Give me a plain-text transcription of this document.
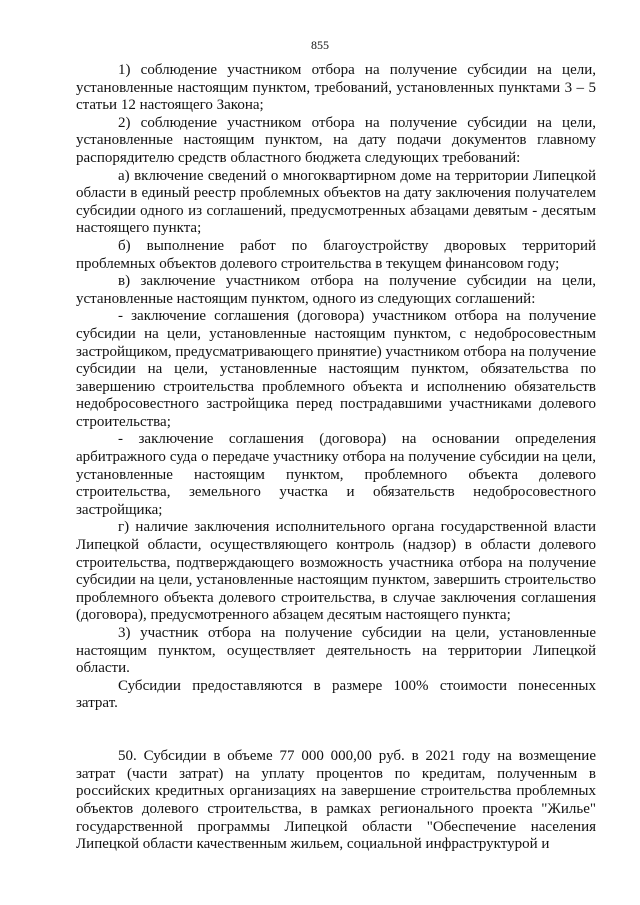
855

1) соблюдение участником отбора на получение субсидии на цели, установленные настоящим пунктом, требований, установленных пунктами 3 – 5 статьи 12 настоящего Закона;

2) соблюдение участником отбора на получение субсидии на цели, установленные настоящим пунктом, на дату подачи документов главному распорядителю средств областного бюджета следующих требований:

а) включение сведений о многоквартирном доме на территории Липецкой области в единый реестр проблемных объектов на дату заключения получателем субсидии одного из соглашений, предусмотренных абзацами девятым - десятым настоящего пункта;

б) выполнение работ по благоустройству дворовых территорий проблемных объектов долевого строительства в текущем финансовом году;

в) заключение участником отбора на получение субсидии на цели, установленные настоящим пунктом, одного из следующих соглашений:

- заключение соглашения (договора) участником отбора на получение субсидии на цели, установленные настоящим пунктом, с недобросовестным застройщиком, предусматривающего принятие) участником отбора на получение субсидии на цели, установленные настоящим пунктом, обязательства по завершению строительства проблемного объекта и исполнению обязательств недобросовестного застройщика перед пострадавшими участниками долевого строительства;

- заключение соглашения (договора) на основании определения арбитражного суда о передаче участнику отбора на получение субсидии на цели, установленные настоящим пунктом, проблемного объекта долевого строительства, земельного участка и обязательств недобросовестного застройщика;

г) наличие заключения исполнительного органа государственной власти Липецкой области, осуществляющего контроль (надзор) в области долевого строительства, подтверждающего возможность участника отбора на получение субсидии на цели, установленные настоящим пунктом, завершить строительство проблемного объекта долевого строительства, в случае заключения соглашения (договора), предусмотренного абзацем десятым настоящего пункта;

3) участник отбора на получение субсидии на цели, установленные настоящим пунктом, осуществляет деятельность на территории Липецкой области.

Субсидии предоставляются в размере 100% стоимости понесенных затрат.

50. Субсидии в объеме 77 000 000,00 руб. в 2021 году на возмещение затрат (части затрат) на уплату процентов по кредитам, полученным в российских кредитных организациях на завершение строительства проблемных объектов долевого строительства, в рамках регионального проекта "Жилье" государственной программы Липецкой области "Обеспечение населения Липецкой области качественным жильем, социальной инфраструктурой и
